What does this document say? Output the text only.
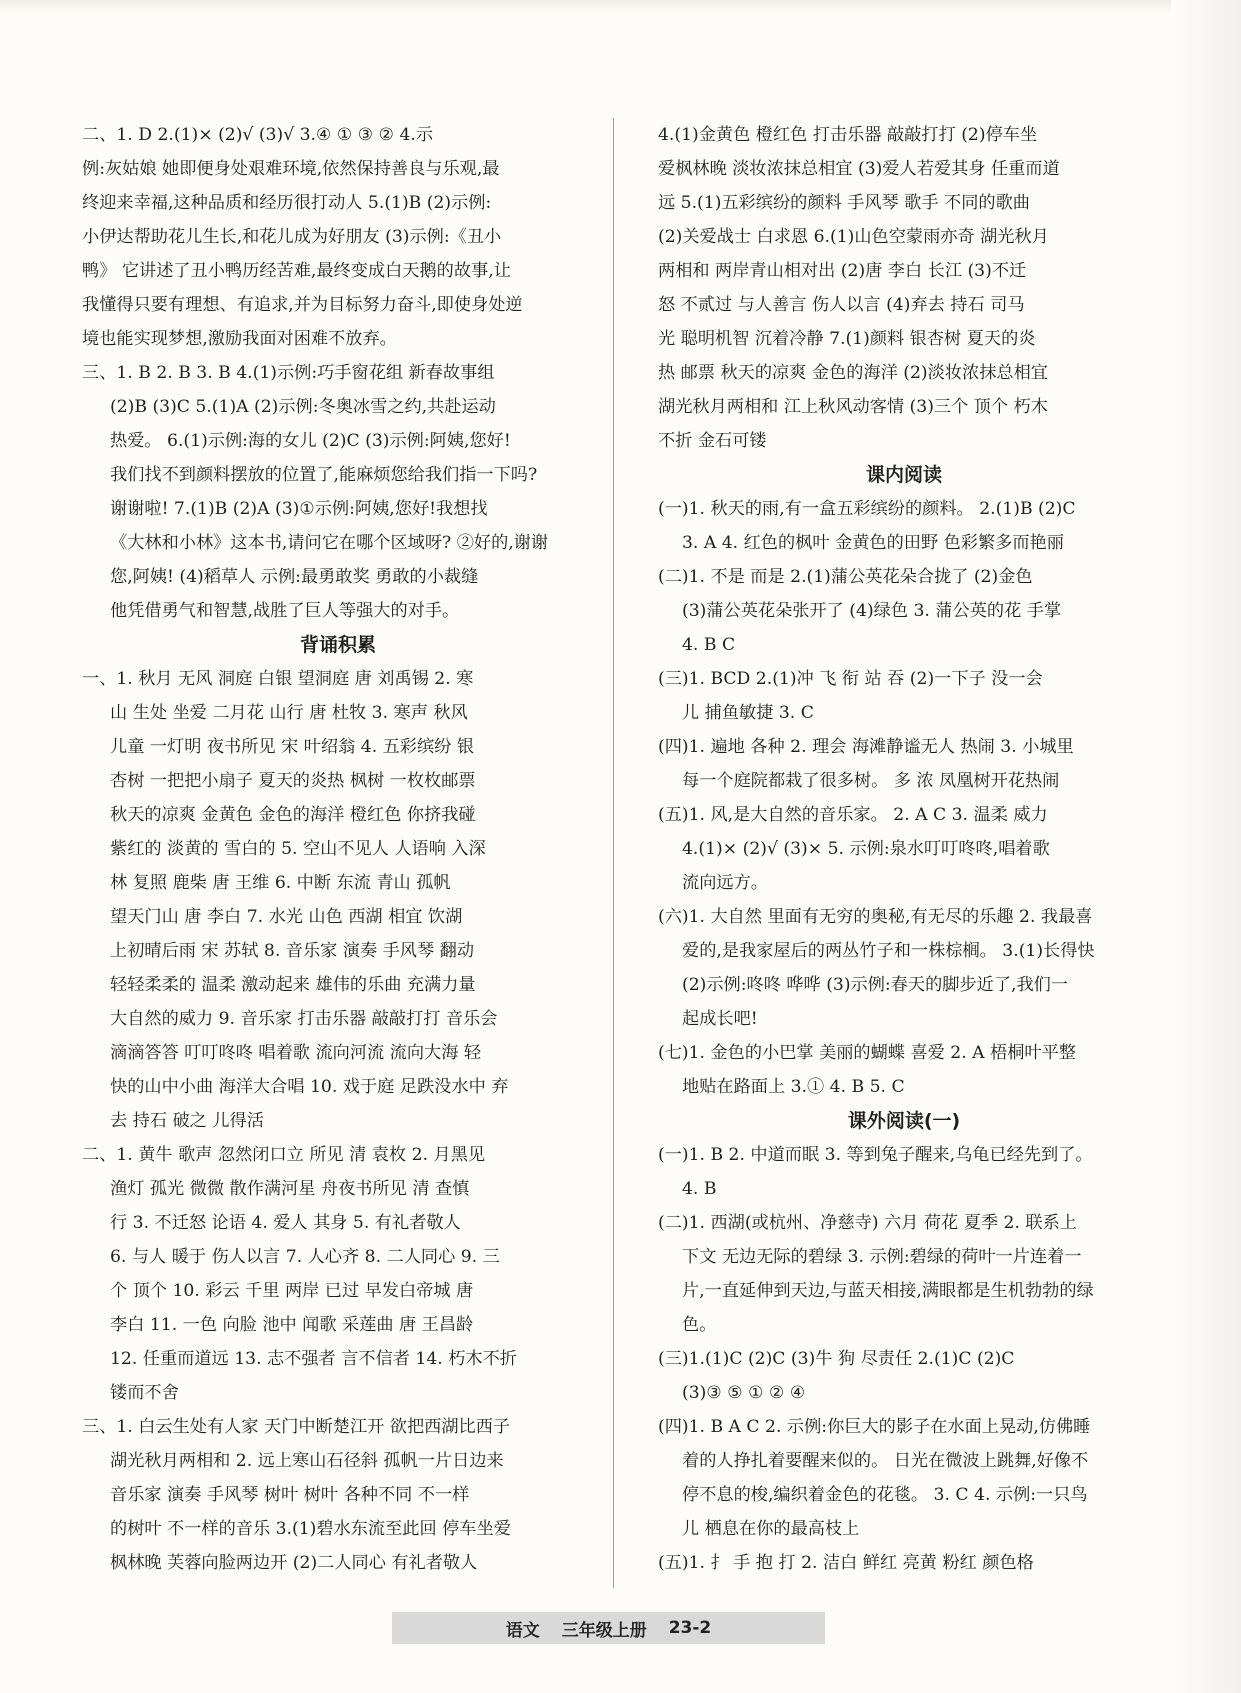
二、1. D 2.(1)× (2)√ (3)√ 3.④ ① ③ ② 4.示
例:灰姑娘 她即便身处艰难环境,依然保持善良与乐观,最
终迎来幸福,这种品质和经历很打动人 5.(1)B (2)示例:
小伊达帮助花儿生长,和花儿成为好朋友 (3)示例:《丑小
鸭》 它讲述了丑小鸭历经苦难,最终变成白天鹅的故事,让
我懂得只要有理想、有追求,并为目标努力奋斗,即使身处逆
境也能实现梦想,激励我面对困难不放弃。
三、1. B 2. B 3. B 4.(1)示例:巧手窗花组 新春故事组
(2)B (3)C 5.(1)A (2)示例:冬奥冰雪之约,共赴运动
热爱。 6.(1)示例:海的女儿 (2)C (3)示例:阿姨,您好!
我们找不到颜料摆放的位置了,能麻烦您给我们指一下吗?
谢谢啦! 7.(1)B (2)A (3)①示例:阿姨,您好!我想找
《大林和小林》这本书,请问它在哪个区域呀? ②好的,谢谢
您,阿姨! (4)稻草人 示例:最勇敢奖 勇敢的小裁缝
他凭借勇气和智慧,战胜了巨人等强大的对手。
背诵积累
一、1. 秋月 无风 洞庭 白银 望洞庭 唐 刘禹锡 2. 寒
山 生处 坐爱 二月花 山行 唐 杜牧 3. 寒声 秋风
儿童 一灯明 夜书所见 宋 叶绍翁 4. 五彩缤纷 银
杏树 一把把小扇子 夏天的炎热 枫树 一枚枚邮票
秋天的凉爽 金黄色 金色的海洋 橙红色 你挤我碰
紫红的 淡黄的 雪白的 5. 空山不见人 人语响 入深
林 复照 鹿柴 唐 王维 6. 中断 东流 青山 孤帆
望天门山 唐 李白 7. 水光 山色 西湖 相宜 饮湖
上初晴后雨 宋 苏轼 8. 音乐家 演奏 手风琴 翻动
轻轻柔柔的 温柔 激动起来 雄伟的乐曲 充满力量
大自然的威力 9. 音乐家 打击乐器 敲敲打打 音乐会
滴滴答答 叮叮咚咚 唱着歌 流向河流 流向大海 轻
快的山中小曲 海洋大合唱 10. 戏于庭 足跌没水中 弃
去 持石 破之 儿得活
二、1. 黄牛 歌声 忽然闭口立 所见 清 袁枚 2. 月黑见
渔灯 孤光 微微 散作满河星 舟夜书所见 清 查慎
行 3. 不迁怒 论语 4. 爱人 其身 5. 有礼者敬人
6. 与人 暖于 伤人以言 7. 人心齐 8. 二人同心 9. 三
个 顶个 10. 彩云 千里 两岸 已过 早发白帝城 唐
李白 11. 一色 向脸 池中 闻歌 采莲曲 唐 王昌龄
12. 任重而道远 13. 志不强者 言不信者 14. 朽木不折
镂而不舍
三、1. 白云生处有人家 天门中断楚江开 欲把西湖比西子
湖光秋月两相和 2. 远上寒山石径斜 孤帆一片日边来
音乐家 演奏 手风琴 树叶 树叶 各种不同 不一样
的树叶 不一样的音乐 3.(1)碧水东流至此回 停车坐爱
枫林晚 芙蓉向脸两边开 (2)二人同心 有礼者敬人
4.(1)金黄色 橙红色 打击乐器 敲敲打打 (2)停车坐
爱枫林晚 淡妆浓抹总相宜 (3)爱人若爱其身 任重而道
远 5.(1)五彩缤纷的颜料 手风琴 歌手 不同的歌曲
(2)关爱战士 白求恩 6.(1)山色空蒙雨亦奇 湖光秋月
两相和 两岸青山相对出 (2)唐 李白 长江 (3)不迁
怒 不贰过 与人善言 伤人以言 (4)弃去 持石 司马
光 聪明机智 沉着冷静 7.(1)颜料 银杏树 夏天的炎
热 邮票 秋天的凉爽 金色的海洋 (2)淡妆浓抹总相宜
湖光秋月两相和 江上秋风动客情 (3)三个 顶个 朽木
不折 金石可镂
课内阅读
(一)1. 秋天的雨,有一盒五彩缤纷的颜料。 2.(1)B (2)C
3. A 4. 红色的枫叶 金黄色的田野 色彩繁多而艳丽
(二)1. 不是 而是 2.(1)蒲公英花朵合拢了 (2)金色
(3)蒲公英花朵张开了 (4)绿色 3. 蒲公英的花 手掌
4. B C
(三)1. BCD 2.(1)冲 飞 衔 站 吞 (2)一下子 没一会
儿 捕鱼敏捷 3. C
(四)1. 遍地 各种 2. 理会 海滩静谧无人 热闹 3. 小城里
每一个庭院都栽了很多树。 多 浓 凤凰树开花热闹
(五)1. 风,是大自然的音乐家。 2. A C 3. 温柔 威力
4.(1)× (2)√ (3)× 5. 示例:泉水叮叮咚咚,唱着歌
流向远方。
(六)1. 大自然 里面有无穷的奥秘,有无尽的乐趣 2. 我最喜
爱的,是我家屋后的两丛竹子和一株棕榈。 3.(1)长得快
(2)示例:咚咚 哗哗 (3)示例:春天的脚步近了,我们一
起成长吧!
(七)1. 金色的小巴掌 美丽的蝴蝶 喜爱 2. A 梧桐叶平整
地贴在路面上 3.① 4. B 5. C
课外阅读(一)
(一)1. B 2. 中道而眠 3. 等到兔子醒来,乌龟已经先到了。
4. B
(二)1. 西湖(或杭州、净慈寺) 六月 荷花 夏季 2. 联系上
下文 无边无际的碧绿 3. 示例:碧绿的荷叶一片连着一
片,一直延伸到天边,与蓝天相接,满眼都是生机勃勃的绿
色。
(三)1.(1)C (2)C (3)牛 狗 尽责任 2.(1)C (2)C
(3)③ ⑤ ① ② ④
(四)1. B A C 2. 示例:你巨大的影子在水面上晃动,仿佛睡
着的人挣扎着要醒来似的。 日光在微波上跳舞,好像不
停不息的梭,编织着金色的花毯。 3. C 4. 示例:一只鸟
儿 栖息在你的最高枝上
(五)1. 扌 手 抱 打 2. 洁白 鲜红 亮黄 粉红 颜色格
语文 三年级上册 23-2
